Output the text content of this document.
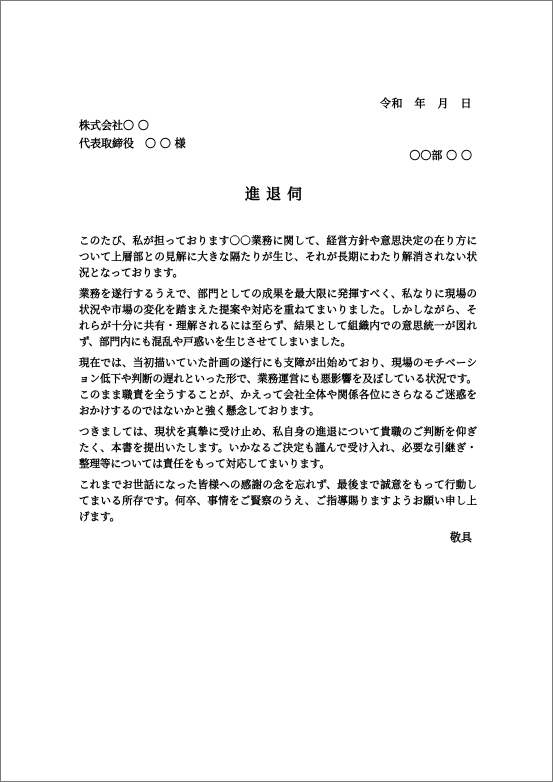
令和　年　月　日
株式会社〇 〇
代表取締役　〇 〇 様
〇〇部 〇 〇
進退伺

このたび、私が担っております〇〇業務に関して、経営方針や意思決定の在り方について上層部との見解に大きな隔たりが生じ、それが長期にわたり解消されない状況となっております。

業務を遂行するうえで、部門としての成果を最大限に発揮すべく、私なりに現場の状況や市場の変化を踏まえた提案や対応を重ねてまいりました。しかしながら、それらが十分に共有・理解されるには至らず、結果として組織内での意思統一が図れず、部門内にも混乱や戸惑いを生じさせてしまいました。

現在では、当初描いていた計画の遂行にも支障が出始めており、現場のモチベーション低下や判断の遅れといった形で、業務運営にも悪影響を及ぼしている状況です。このまま職責を全うすることが、かえって会社全体や関係各位にさらなるご迷惑をおかけするのではないかと強く懸念しております。

つきましては、現状を真摯に受け止め、私自身の進退について貴職のご判断を仰ぎたく、本書を提出いたします。いかなるご決定も謹んで受け入れ、必要な引継ぎ・整理等については責任をもって対応してまいります。

これまでお世話になった皆様への感謝の念を忘れず、最後まで誠意をもって行動してまいる所存です。何卒、事情をご賢察のうえ、ご指導賜りますようお願い申し上げます。

敬具
